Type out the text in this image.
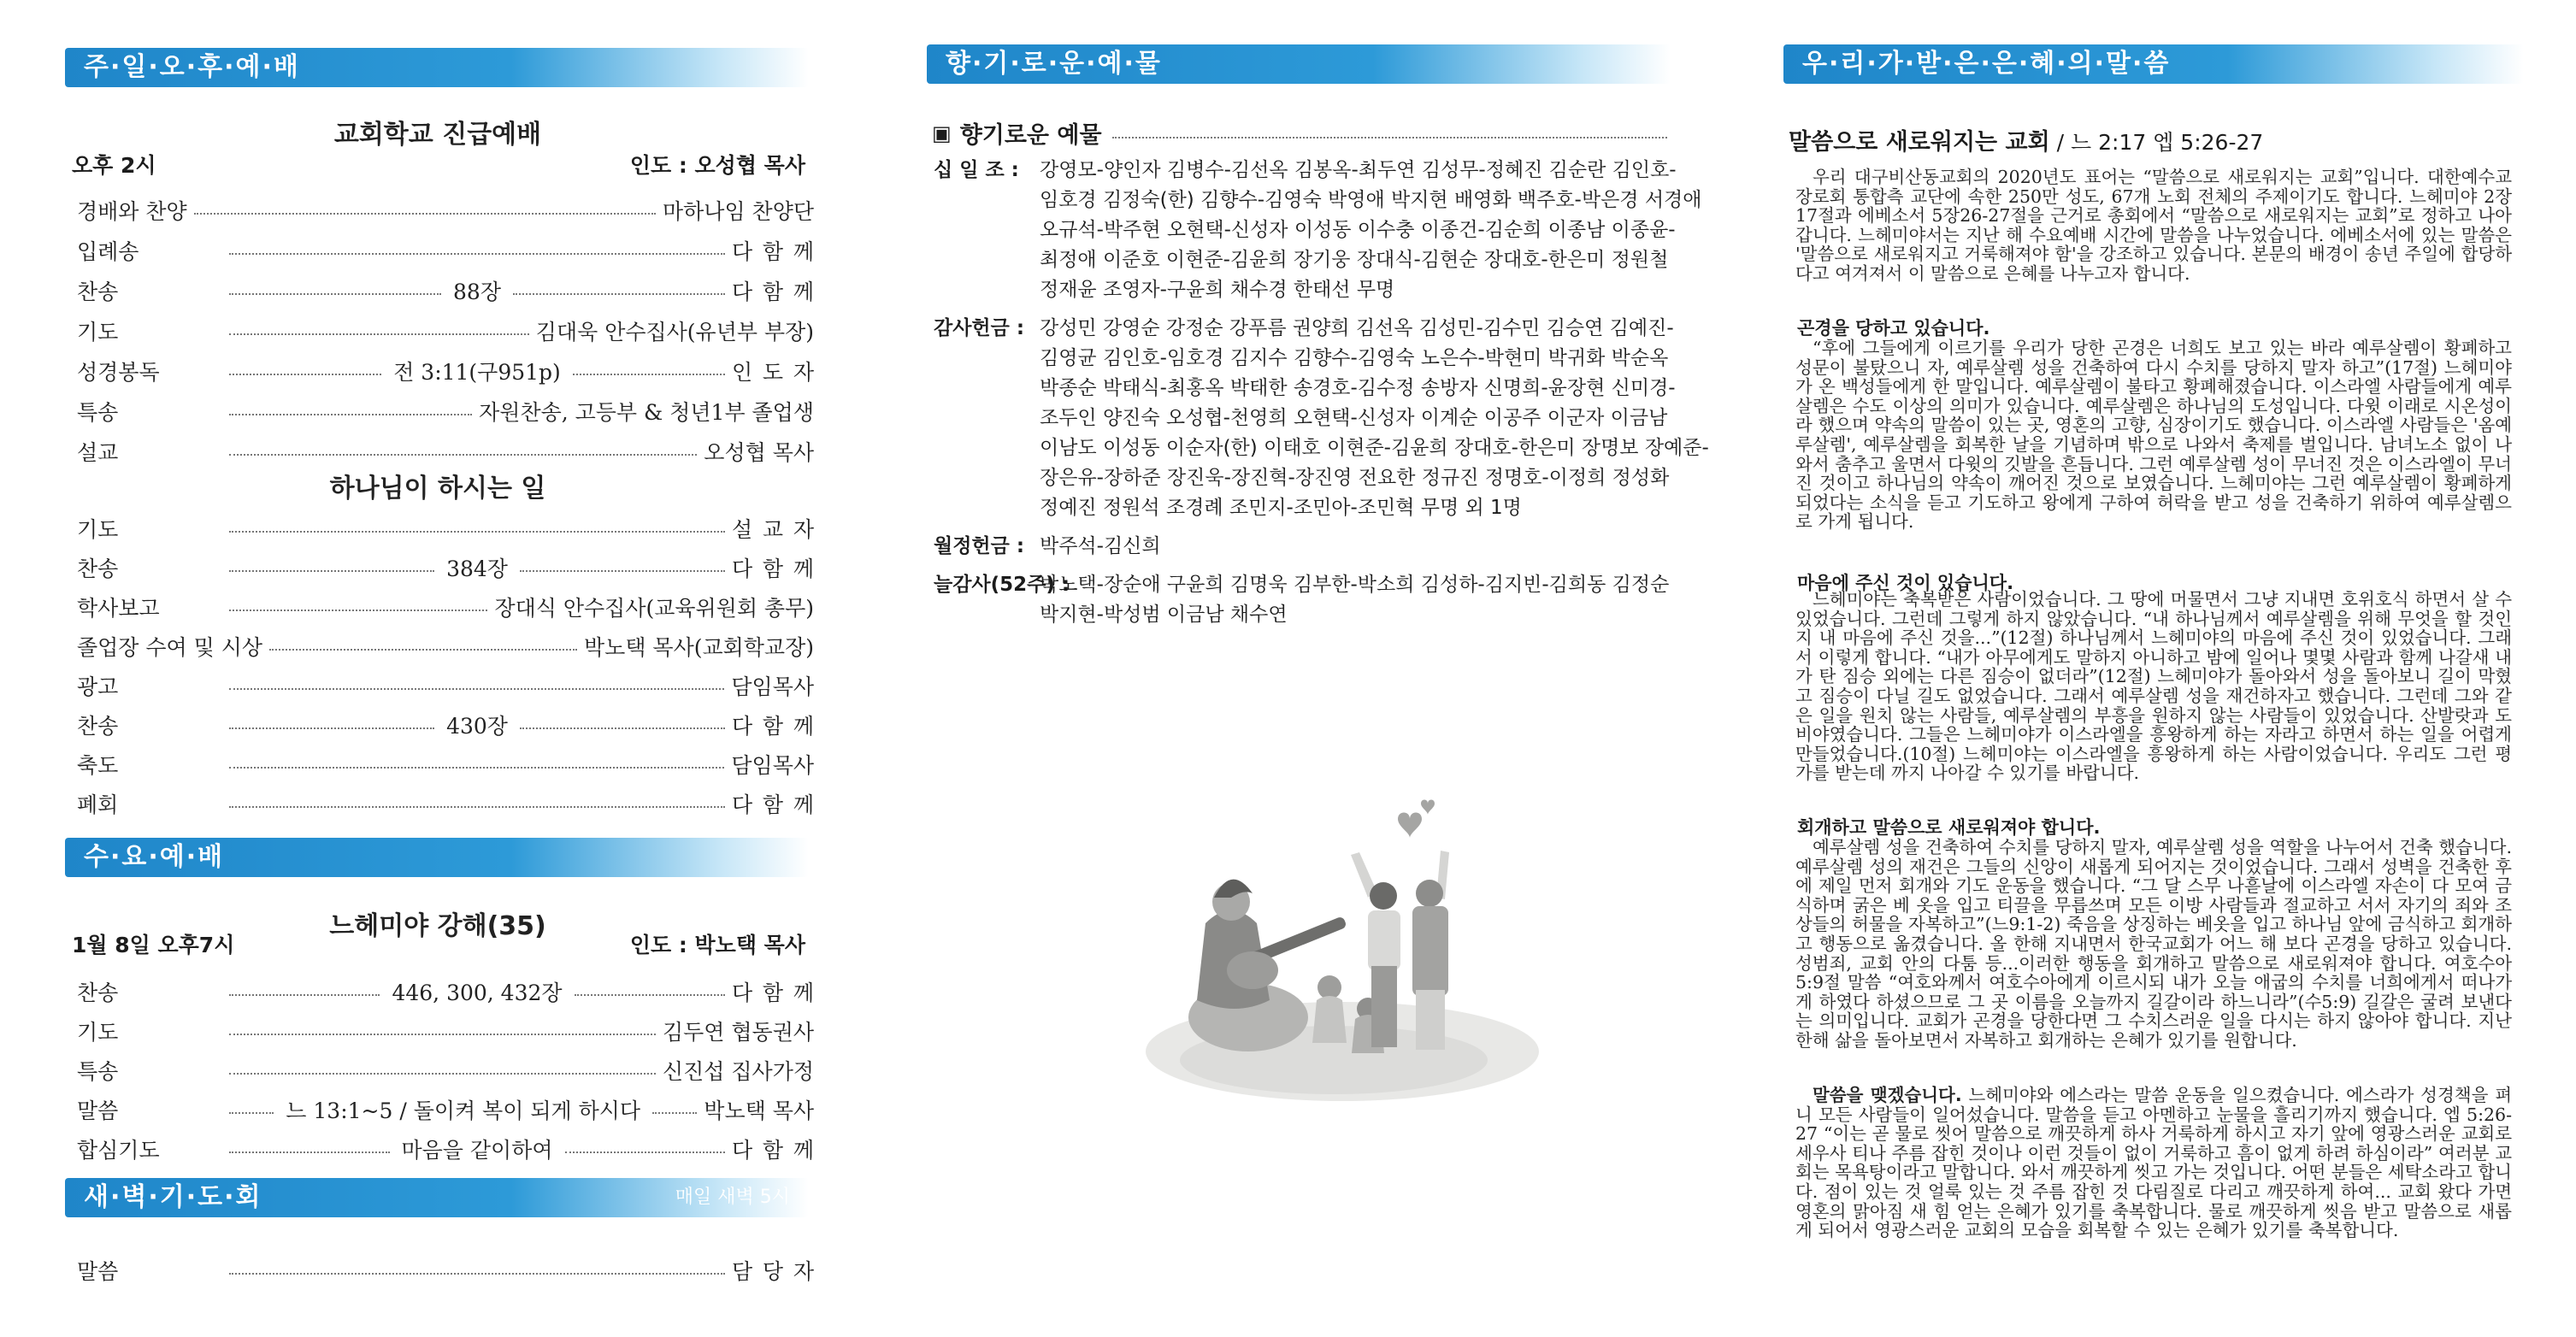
주·일·오·후·예·배
교회학교 진급예배
오후 2시	인도 : 오성협 목사
경배와 찬양	마하나임 찬양단
입례송	다 함 께
찬송	88장	다 함 께
기도	김대욱 안수집사(유년부 부장)
성경봉독	전 3:11(구951p)	인 도 자
특송	자원찬송, 고등부 & 청년1부 졸업생
설교	오성협 목사
하나님이 하시는 일
기도	설 교 자
찬송	384장	다 함 께
학사보고	장대식 안수집사(교육위원회 총무)
졸업장 수여 및 시상	박노택 목사(교회학교장)
광고	담임목사
찬송	430장	다 함 께
축도	담임목사
폐회	다 함 께
수·요·예·배
느헤미야 강해(35)
1월 8일 오후7시	인도 : 박노택 목사
찬송	446, 300, 432장	다 함 께
기도	김두연 협동권사
특송	신진섭 집사가정
말씀	느 13:1~5 / 돌이켜 복이 되게 하시다	박노택 목사
합심기도	마음을 같이하여	다 함 께
새·벽·기·도·회	매일 새벽 5시
말씀	담 당 자
향·기·로·운·예·물
▣ 향기로운 예물
십 일 조 :	강영모-양인자 김병수-김선옥 김봉옥-최두연 김성무-정혜진 김순란 김인호-
임호경 김정숙(한) 김향수-김영숙 박영애 박지현 배영화 백주호-박은경 서경애
오규석-박주현 오현택-신성자 이성동 이수충 이종건-김순희 이종남 이종윤-
최정애 이준호 이현준-김윤희 장기웅 장대식-김현순 장대호-한은미 정원철
정재윤 조영자-구윤희 채수경 한태선 무명
감사헌금 : 강성민 강영순 강정순 강푸름 권양희 김선옥 김성민-김수민 김승연 김예진-
김영균 김인호-임호경 김지수 김향수-김영숙 노은수-박현미 박귀화 박순옥
박종순 박태식-최홍옥 박태한 송경호-김수정 송방자 신명희-윤장현 신미경-
조두인 양진숙 오성협-천영희 오현택-신성자 이계순 이공주 이군자 이금남
이남도 이성동 이순자(한) 이태호 이현준-김윤희 장대호-한은미 장명보 장예준-
장은유-장하준 장진욱-장진혁-장진영 전요한 정규진 정명호-이정희 정성화
정예진 정원석 조경례 조민지-조민아-조민혁 무명 외 1명
월정헌금 : 박주석-김신희
늘감사(52주) :
박노택-장순애 구윤희 김명욱 김부한-박소희 김성하-김지빈-김희동 김정순
박지현-박성범 이금남 채수연
우·리·가·받·은·은·혜·의·말·씀
말씀으로 새로워지는 교회 / 느 2:17 엡 5:26-27
우리 대구비산동교회의 2020년도 표어는 “말씀으로 새로워지는 교회”입니다. 대한예수교장로회 통합측 교단에 속한 250만 성도, 67개 노회 전체의 주제이기도 합니다. 느헤미야 2장17절과 에베소서 5장26-27절을 근거로 총회에서 “말씀으로 새로워지는 교회”로 정하고 나아갑니다. 느헤미야서는 지난 해 수요예배 시간에 말씀을 나누었습니다. 에베소서에 있는 말씀은 '말씀으로 새로워지고 거룩해져야 함'을 강조하고 있습니다. 본문의 배경이 송년 주일에 합당하다고 여겨져서 이 말씀으로 은혜를 나누고자 합니다.
곤경을 당하고 있습니다.
“후에 그들에게 이르기를 우리가 당한 곤경은 너희도 보고 있는 바라 예루살렘이 황폐하고 성문이 불탔으니 자, 예루살렘 성을 건축하여 다시 수치를 당하지 말자 하고”(17절) 느헤미야가 온 백성들에게 한 말입니다. 예루살렘이 불타고 황폐해졌습니다. 이스라엘 사람들에게 예루살렘은 수도 이상의 의미가 있습니다. 예루살렘은 하나님의 도성입니다. 다윗 이래로 시온성이라 했으며 약속의 말씀이 있는 곳, 영혼의 고향, 심장이기도 했습니다. 이스라엘 사람들은 '옴예루살렘', 예루살렘을 회복한 날을 기념하며 밖으로 나와서 축제를 벌입니다. 남녀노소 없이 나와서 춤추고 울면서 다윗의 깃발을 흔듭니다. 그런 예루살렘 성이 무너진 것은 이스라엘이 무너진 것이고 하나님의 약속이 깨어진 것으로 보였습니다. 느헤미야는 그런 예루살렘이 황폐하게 되었다는 소식을 듣고 기도하고 왕에게 구하여 허락을 받고 성을 건축하기 위하여 예루살렘으로 가게 됩니다.
마음에 주신 것이 있습니다.
느헤미야는 축복받은 사람이었습니다. 그 땅에 머물면서 그냥 지내면 호위호식 하면서 살 수 있었습니다. 그런데 그렇게 하지 않았습니다. “내 하나님께서 예루살렘을 위해 무엇을 할 것인지 내 마음에 주신 것을...”(12절) 하나님께서 느헤미야의 마음에 주신 것이 있었습니다. 그래서 이렇게 합니다. “내가 아무에게도 말하지 아니하고 밤에 일어나 몇몇 사람과 함께 나갈새 내가 탄 짐승 외에는 다른 짐승이 없더라”(12절) 느헤미야가 돌아와서 성을 돌아보니 길이 막혔고 짐승이 다닐 길도 없었습니다. 그래서 예루살렘 성을 재건하자고 했습니다. 그런데 그와 같은 일을 원치 않는 사람들, 예루살렘의 부흥을 원하지 않는 사람들이 있었습니다. 산발랏과 도비야였습니다. 그들은 느헤미야가 이스라엘을 흥왕하게 하는 자라고 하면서 하는 일을 어렵게 만들었습니다.(10절) 느헤미야는 이스라엘을 흥왕하게 하는 사람이었습니다. 우리도 그런 평가를 받는데 까지 나아갈 수 있기를 바랍니다.
회개하고 말씀으로 새로워져야 합니다.
예루살렘 성을 건축하여 수치를 당하지 말자, 예루살렘 성을 역할을 나누어서 건축 했습니다. 예루살렘 성의 재건은 그들의 신앙이 새롭게 되어지는 것이었습니다. 그래서 성벽을 건축한 후에 제일 먼저 회개와 기도 운동을 했습니다. “그 달 스무 나흗날에 이스라엘 자손이 다 모여 금식하며 굵은 베 옷을 입고 티끌을 무릅쓰며 모든 이방 사람들과 절교하고 서서 자기의 죄와 조상들의 허물을 자복하고”(느9:1-2) 죽음을 상징하는 베옷을 입고 하나님 앞에 금식하고 회개하고 행동으로 옮겼습니다. 올 한해 지내면서 한국교회가 어느 해 보다 곤경을 당하고 있습니다. 성범죄, 교회 안의 다툼 등...이러한 행동을 회개하고 말씀으로 새로워져야 합니다. 여호수아 5:9절 말씀 “여호와께서 여호수아에게 이르시되 내가 오늘 애굽의 수치를 너희에게서 떠나가게 하였다 하셨으므로 그 곳 이름을 오늘까지 길갈이라 하느니라”(수5:9) 길갈은 굴려 보낸다는 의미입니다. 교회가 곤경을 당한다면 그 수치스러운 일을 다시는 하지 않아야 합니다. 지난 한해 삶을 돌아보면서 자복하고 회개하는 은혜가 있기를 원합니다.
말씀을 맺겠습니다. 느헤미야와 에스라는 말씀 운동을 일으켰습니다. 에스라가 성경책을 펴니 모든 사람들이 일어섰습니다. 말씀을 듣고 아멘하고 눈물을 흘리기까지 했습니다. 엡 5:26-27 “이는 곧 물로 씻어 말씀으로 깨끗하게 하사 거룩하게 하시고 자기 앞에 영광스러운 교회로 세우사 티나 주름 잡힌 것이나 이런 것들이 없이 거룩하고 흠이 없게 하려 하심이라” 여러분 교회는 목욕탕이라고 말합니다. 와서 깨끗하게 씻고 가는 것입니다. 어떤 분들은 세탁소라고 합니다. 점이 있는 것 얼룩 있는 것 주름 잡힌 것 다림질로 다리고 깨끗하게 하여... 교회 왔다 가면 영혼의 맑아짐 새 힘 얻는 은혜가 있기를 축복합니다. 물로 깨끗하게 씻음 받고 말씀으로 새롭게 되어서 영광스러운 교회의 모습을 회복할 수 있는 은혜가 있기를 축복합니다.
